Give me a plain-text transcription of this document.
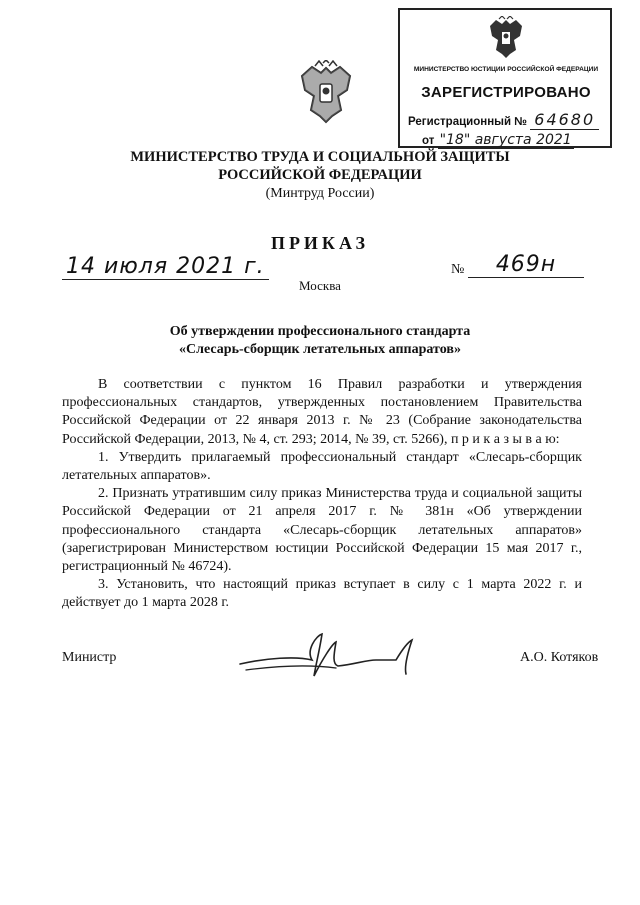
МИНИСТЕРСТВО ЮСТИЦИИ РОССИЙСКОЙ ФЕДЕРАЦИИ
ЗАРЕГИСТРИРОВАНО
Регистрационный № 64680
от "18" августа 2021
МИНИСТЕРСТВО ТРУДА И СОЦИАЛЬНОЙ ЗАЩИТЫ
РОССИЙСКОЙ ФЕДЕРАЦИИ
(Минтруд России)
ПРИКАЗ
14 июля 2021 г.	№	469н
Москва
Об утверждении профессионального стандарта
«Слесарь-сборщик летательных аппаратов»

В соответствии с пунктом 16 Правил разработки и утверждения профессиональных стандартов, утвержденных постановлением Правительства Российской Федерации от 22 января 2013 г. № 23 (Собрание законодательства Российской Федерации, 2013, № 4, ст. 293; 2014, № 39, ст. 5266), п р и к а з ы в а ю:

1. Утвердить прилагаемый профессиональный стандарт «Слесарь-сборщик летательных аппаратов».

2. Признать утратившим силу приказ Министерства труда и социальной защиты Российской Федерации от 21 апреля 2017 г. № 381н «Об утверждении профессионального стандарта «Слесарь-сборщик летательных аппаратов» (зарегистрирован Министерством юстиции Российской Федерации 15 мая 2017 г., регистрационный № 46724).

3. Установить, что настоящий приказ вступает в силу с 1 марта 2022 г. и действует до 1 марта 2028 г.

Министр	А.О. Котяков
